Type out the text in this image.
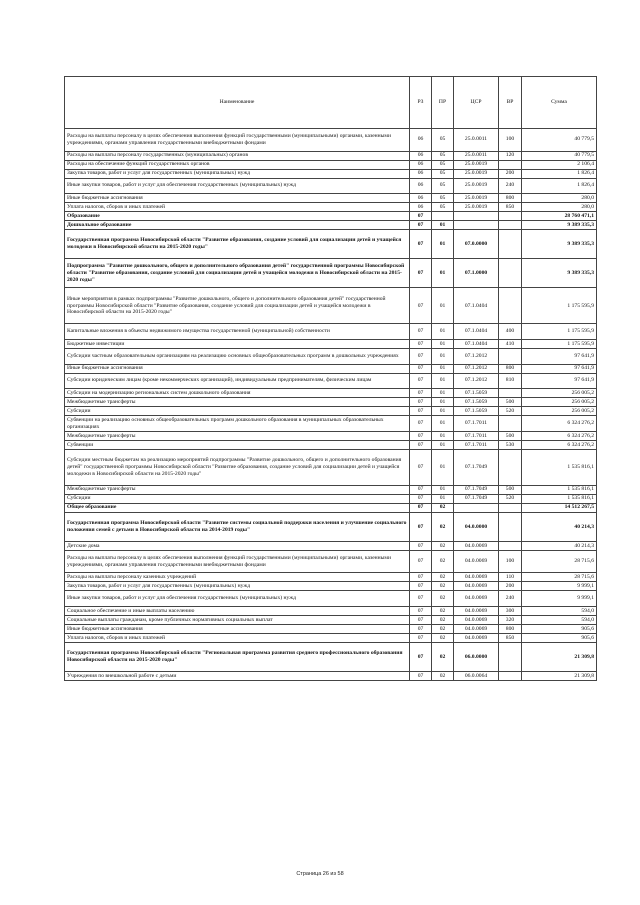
Наименование	РЗ	ПР	ЦСР	ВР	Сумма
Расходы на выплаты персоналу в целях обеспечения выполнения функций государственными (муниципальными) органами, казенными учреждениями, органами управления государственными внебюджетными фондами	06	05	25.0.0011	100	40 779,5
Расходы на выплаты персоналу государственных (муниципальных) органов	06	05	25.0.0011	120	40 779,5
Расходы на обеспечение функций государственных органов	06	05	25.0.0019		2 106,4
Закупка товаров, работ и услуг для государственных (муниципальных) нужд	06	05	25.0.0019	200	1 826,4
Иные закупки товаров, работ и услуг для обеспечения государственных (муниципальных) нужд	06	05	25.0.0019	240	1 826,4
Иные бюджетные ассигнования	06	05	25.0.0019	800	280,0
Уплата налогов, сборов и иных платежей	06	05	25.0.0019	850	280,0
Образование	07				28 760 471,1
Дошкольное образование	07	01			9 389 335,3
Государственная программа Новосибирской области "Развитие образования, создание условий для социализации детей и учащейся молодежи в Новосибирской области на 2015-2020 годы"	07	01	07.0.0000		9 389 335,3
Подпрограмма "Развитие дошкольного, общего и дополнительного образования детей" государственной программы Новосибирской области "Развитие образования, создание условий для социализации детей и учащейся молодежи в Новосибирской области на 2015-2020 годы"	07	01	07.1.0000		9 389 335,3
Иные мероприятия в рамках подпрограммы "Развитие дошкольного, общего и дополнительного образования детей" государственной программы Новосибирской области "Развитие образования, создание условий для социализации детей и учащейся молодежи в Новосибирской области на 2015-2020 годы"	07	01	07.1.0404		1 175 595,9
Капитальные вложения в объекты недвижимого имущества государственной (муниципальной) собственности	07	01	07.1.0404	400	1 175 595,9
Бюджетные инвестиции	07	01	07.1.0404	410	1 175 595,9
Субсидии частным образовательным организациям на реализацию основных общеобразовательных программ в дошкольных учреждениях	07	01	07.1.2012		97 641,9
Иные бюджетные ассигнования	07	01	07.1.2012	800	97 641,9
Субсидии юридическим лицам (кроме некоммерческих организаций), индивидуальным предпринимателям, физическим лицам	07	01	07.1.2012	810	97 641,9
Субсидии на модернизацию региональных систем дошкольного образования	07	01	07.1.5059		256 005,2
Межбюджетные трансферты	07	01	07.1.5059	500	256 005,2
Субсидии	07	01	07.1.5059	520	256 005,2
Субвенции на реализацию основных общеобразовательных программ дошкольного образования в муниципальных образовательных организациях	07	01	07.1.7011		6 324 276,2
Межбюджетные трансферты	07	01	07.1.7011	500	6 324 276,2
Субвенции	07	01	07.1.7011	530	6 324 276,2
Субсидии местным бюджетам на реализацию мероприятий подпрограммы "Развитие дошкольного, общего и дополнительного образования детей" государственной программы Новосибирской области "Развитие образования, создание условий для социализации детей и учащейся молодежи в Новосибирской области на 2015-2020 годы"	07	01	07.1.7049		1 535 816,1
Межбюджетные трансферты	07	01	07.1.7049	500	1 535 816,1
Субсидии	07	01	07.1.7049	520	1 535 816,1
Общее образование	07	02			14 512 267,5
Государственная программа Новосибирской области "Развитие системы социальной поддержки населения и улучшение социального положения семей с детьми в Новосибирской области на 2014-2019 годы"	07	02	04.0.0000		40 214,3
Детские дома	07	02	04.0.0069		40 214,3
Расходы на выплаты персоналу в целях обеспечения выполнения функций государственными (муниципальными) органами, казенными учреждениями, органами управления государственными внебюджетными фондами	07	02	04.0.0069	100	28 715,6
Расходы на выплаты персоналу казенных учреждений	07	02	04.0.0069	110	28 715,6
Закупка товаров, работ и услуг для государственных (муниципальных) нужд	07	02	04.0.0069	200	9 999,1
Иные закупки товаров, работ и услуг для обеспечения государственных (муниципальных) нужд	07	02	04.0.0069	240	9 999,1
Социальное обеспечение и иные выплаты населению	07	02	04.0.0069	300	594,0
Социальные выплаты гражданам, кроме публичных нормативных социальных выплат	07	02	04.0.0069	320	594,0
Иные бюджетные ассигнования	07	02	04.0.0069	800	905,6
Уплата налогов, сборов и иных платежей	07	02	04.0.0069	850	905,6
Государственная программа Новосибирской области "Региональная программа развития среднего профессионального образования Новосибирской области на 2015-2020 годы"	07	02	06.0.0000		21 309,8
Учреждения по внешкольной работе с детьми	07	02	06.0.0064		21 309,8
Страница 26 из 58
